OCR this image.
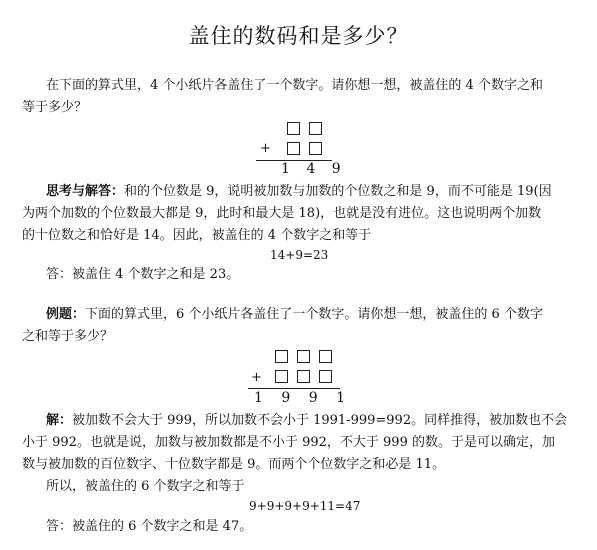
盖住的数码和是多少？
在下面的算式里，4 个小纸片各盖住了一个数字。请你想一想，被盖住的 4 个数字之和
等于多少？
+
1 4 9
思考与解答：和的个位数是 9，说明被加数与加数的个位数之和是 9，而不可能是 19(因
为两个加数的个位数最大都是 9，此时和最大是 18)，也就是没有进位。这也说明两个加数
的十位数之和恰好是 14。因此，被盖住的 4 个数字之和等于
14+9=23
答：被盖住 4 个数字之和是 23。
例题：下面的算式里，6 个小纸片各盖住了一个数字。请你想一想，被盖住的 6 个数字
之和等于多少？
+
1 9 9 1
解：被加数不会大于 999，所以加数不会小于 1991-999=992。同样推得，被加数也不会
小于 992。也就是说，加数与被加数都是不小于 992，不大于 999 的数。于是可以确定，加
数与被加数的百位数字、十位数字都是 9。而两个个位数字之和必是 11。
所以，被盖住的 6 个数字之和等于
9+9+9+9+11=47
答：被盖住的 6 个数字之和是 47。
